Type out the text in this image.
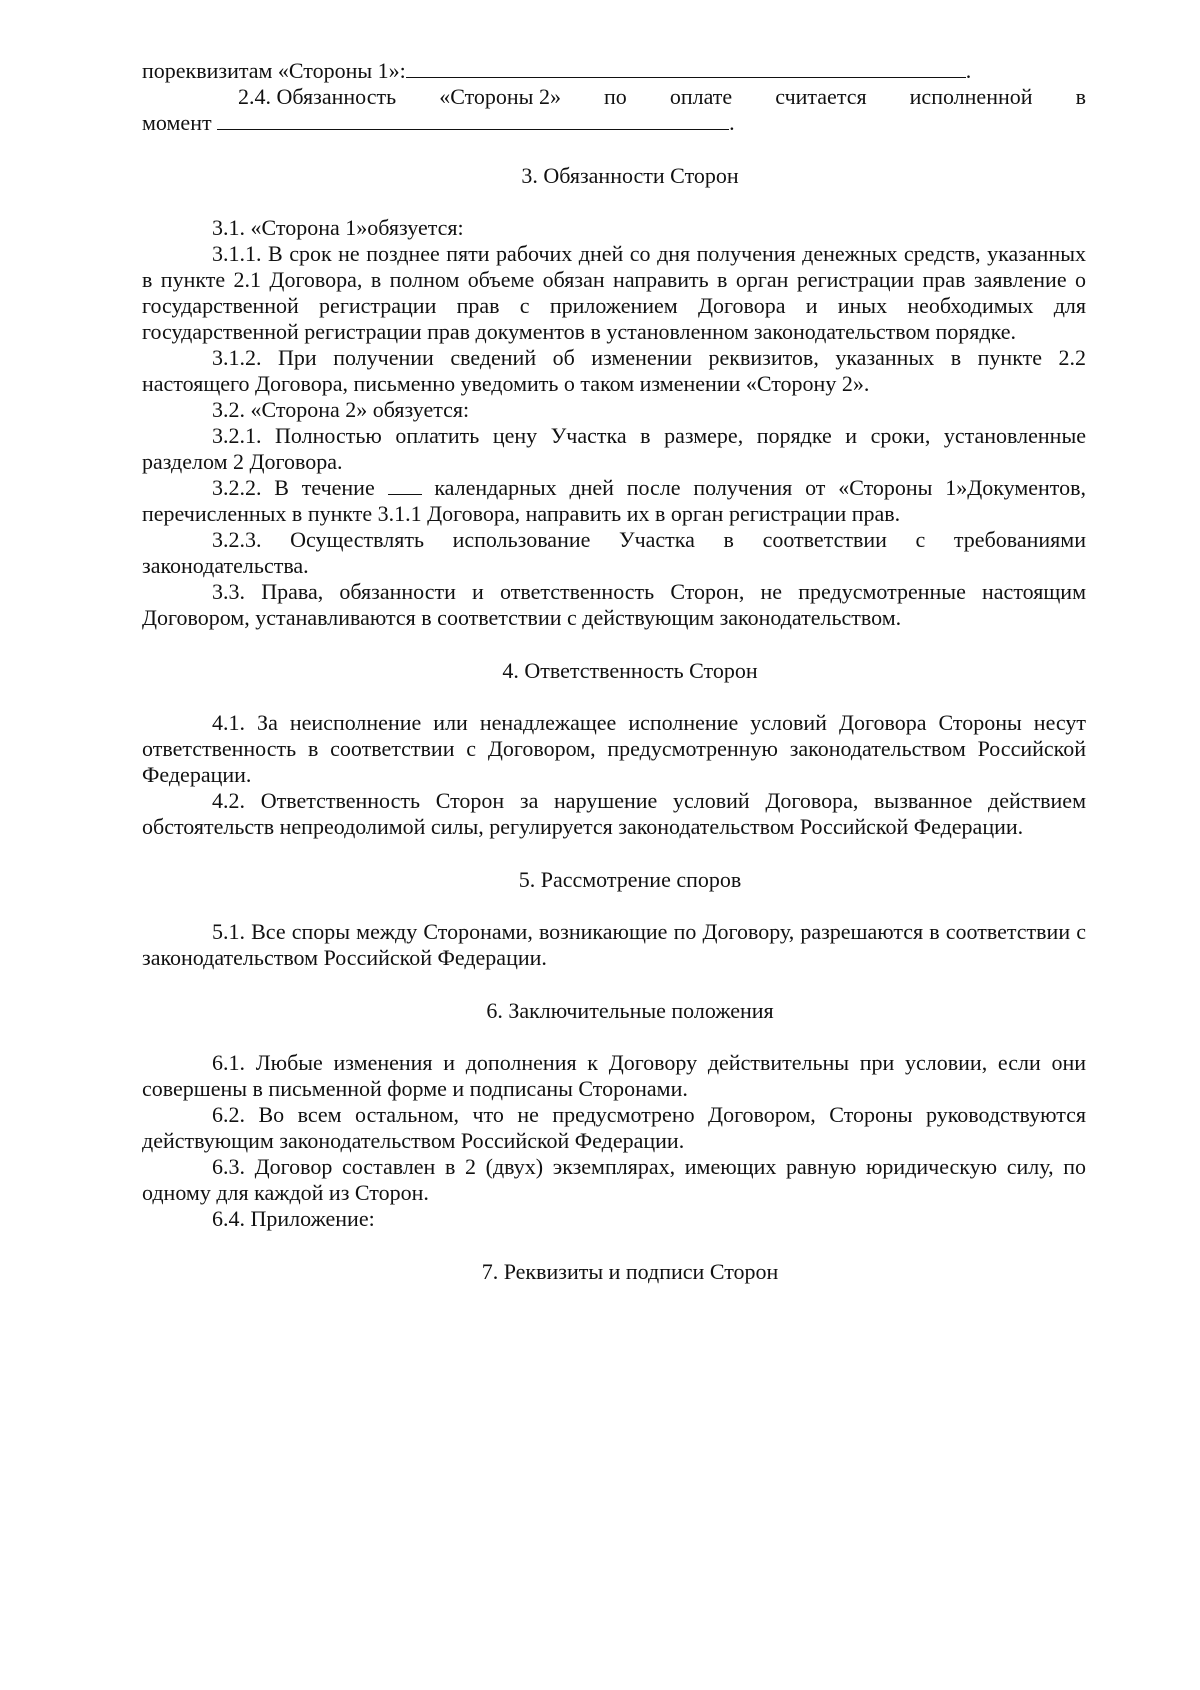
пореквизитам «Стороны 1»:	.

2.4. Обязанность «Стороны 2» по оплате считается исполненной в

момент	.

3. Обязанности Сторон

3.1. «Сторона 1»обязуется:

3.1.1. В срок не позднее пяти рабочих дней со дня получения денежных средств, указанных в пункте 2.1 Договора, в полном объеме обязан направить в орган регистрации прав заявление о государственной регистрации прав с приложением Договора и иных необходимых для государственной регистрации прав документов в установленном законодательством порядке.

3.1.2. При получении сведений об изменении реквизитов, указанных в пункте 2.2 настоящего Договора, письменно уведомить о таком изменении «Сторону 2».

3.2. «Сторона 2» обязуется:

3.2.1. Полностью оплатить цену Участка в размере, порядке и сроки, установленные разделом 2 Договора.

3.2.2. В течение	календарных дней после получения от «Стороны 1»Документов, перечисленных в пункте 3.1.1 Договора, направить их в орган регистрации прав.

3.2.3. Осуществлять использование Участка в соответствии с требованиями законодательства.

3.3. Права, обязанности и ответственность Сторон, не предусмотренные настоящим Договором, устанавливаются в соответствии с действующим законодательством.

4. Ответственность Сторон

4.1. За неисполнение или ненадлежащее исполнение условий Договора Стороны несут ответственность в соответствии с Договором, предусмотренную законодательством Российской Федерации.

4.2. Ответственность Сторон за нарушение условий Договора, вызванное действием обстоятельств непреодолимой силы, регулируется законодательством Российской Федерации.

5. Рассмотрение споров

5.1. Все споры между Сторонами, возникающие по Договору, разрешаются в соответствии с законодательством Российской Федерации.

6. Заключительные положения

6.1. Любые изменения и дополнения к Договору действительны при условии, если они совершены в письменной форме и подписаны Сторонами.

6.2. Во всем остальном, что не предусмотрено Договором, Стороны руководствуются действующим законодательством Российской Федерации.

6.3. Договор составлен в 2 (двух) экземплярах, имеющих равную юридическую силу, по одному для каждой из Сторон.

6.4. Приложение:

7. Реквизиты и подписи Сторон
